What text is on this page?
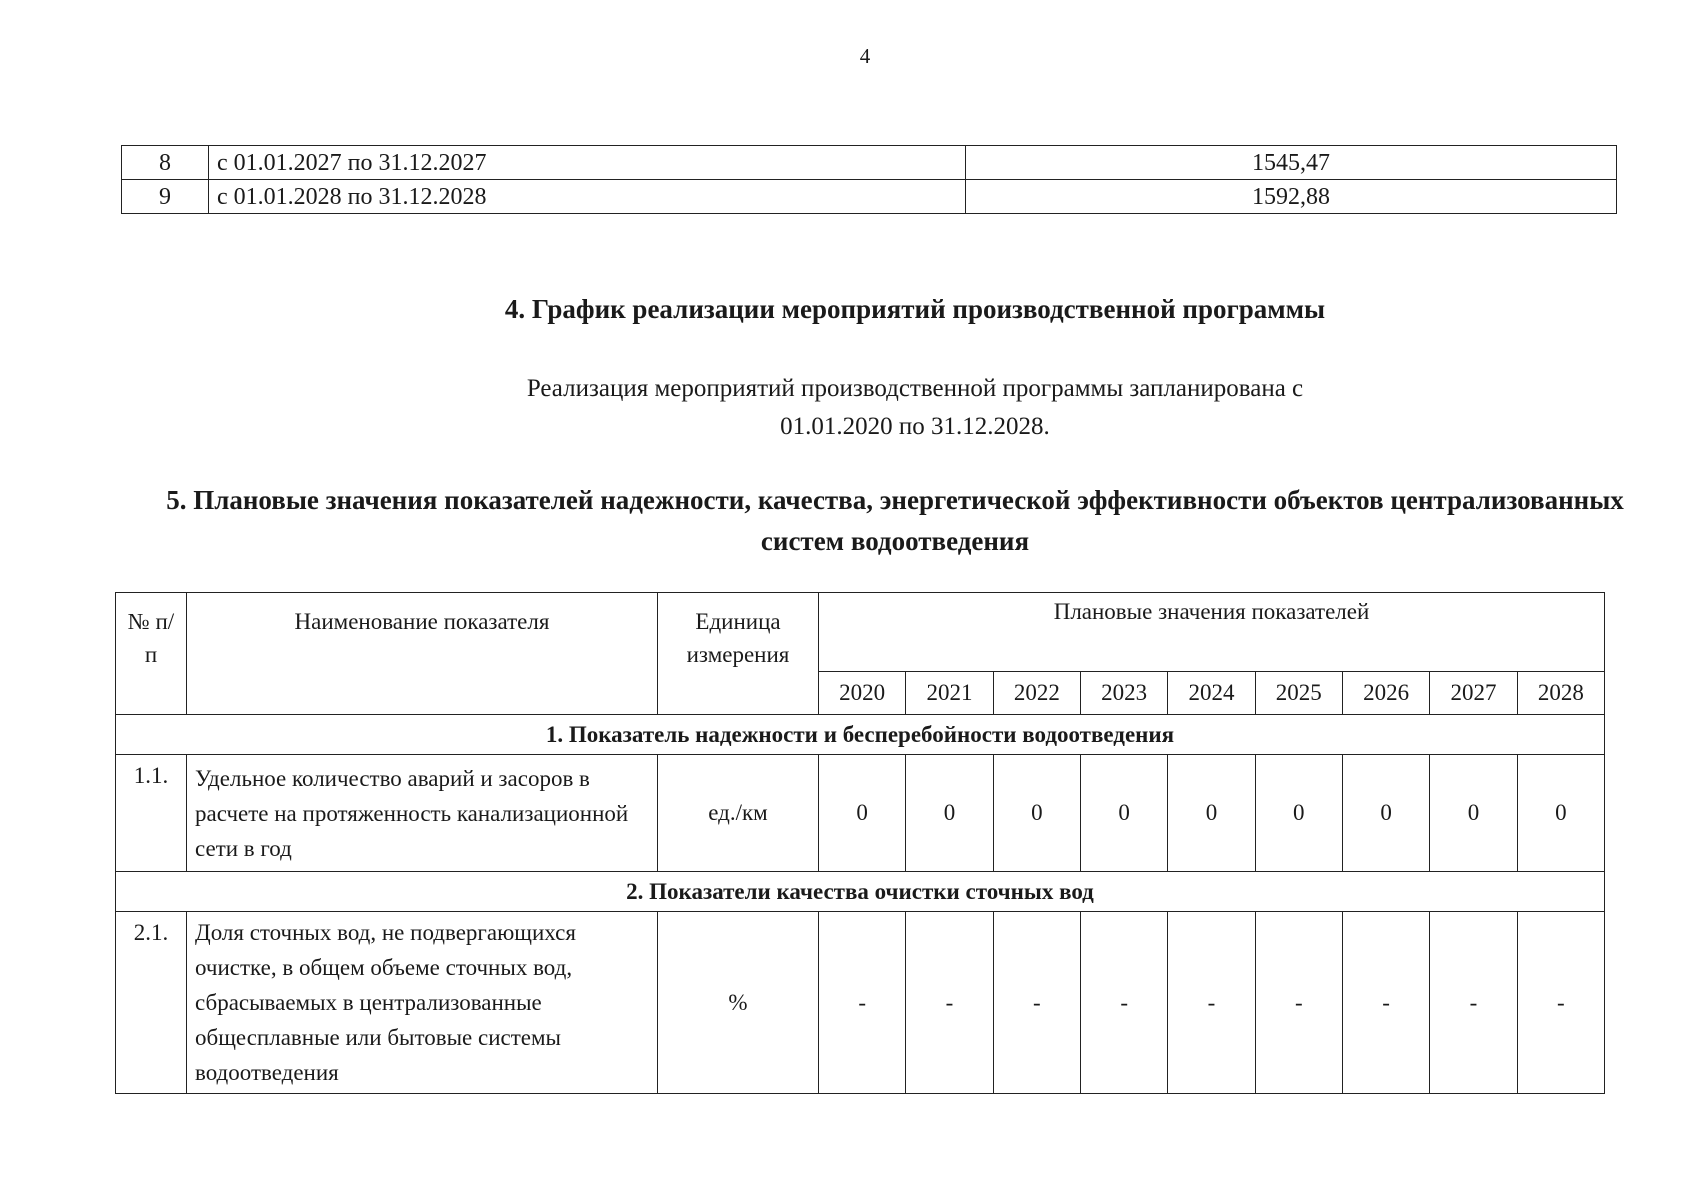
4
8	с 01.01.2027 по 31.12.2027	1545,47
9	с 01.01.2028 по 31.12.2028	1592,88
4. График реализации мероприятий производственной программы
Реализация мероприятий производственной программы запланирована с
01.01.2020 по 31.12.2028.
5. Плановые значения показателей надежности, качества, энергетической эффективности объектов централизованных систем водоотведения
№ п/п	Наименование показателя	Единица измерения	Плановые значения показателей								
			2020	2021	2022	2023	2024	2025	2026	2027	2028
1. Показатель надежности и бесперебойности водоотведения											
1.1.	Удельное количество аварий и засоров в расчете на протяженность канализационной сети в год	ед./км	0	0	0	0	0	0	0	0	0
2. Показатели качества очистки сточных вод											
2.1.	Доля сточных вод, не подвергающихся очистке, в общем объеме сточных вод, сбрасываемых в централизованные общесплавные или бытовые системы водоотведения	%	-	-	-	-	-	-	-	-	-
